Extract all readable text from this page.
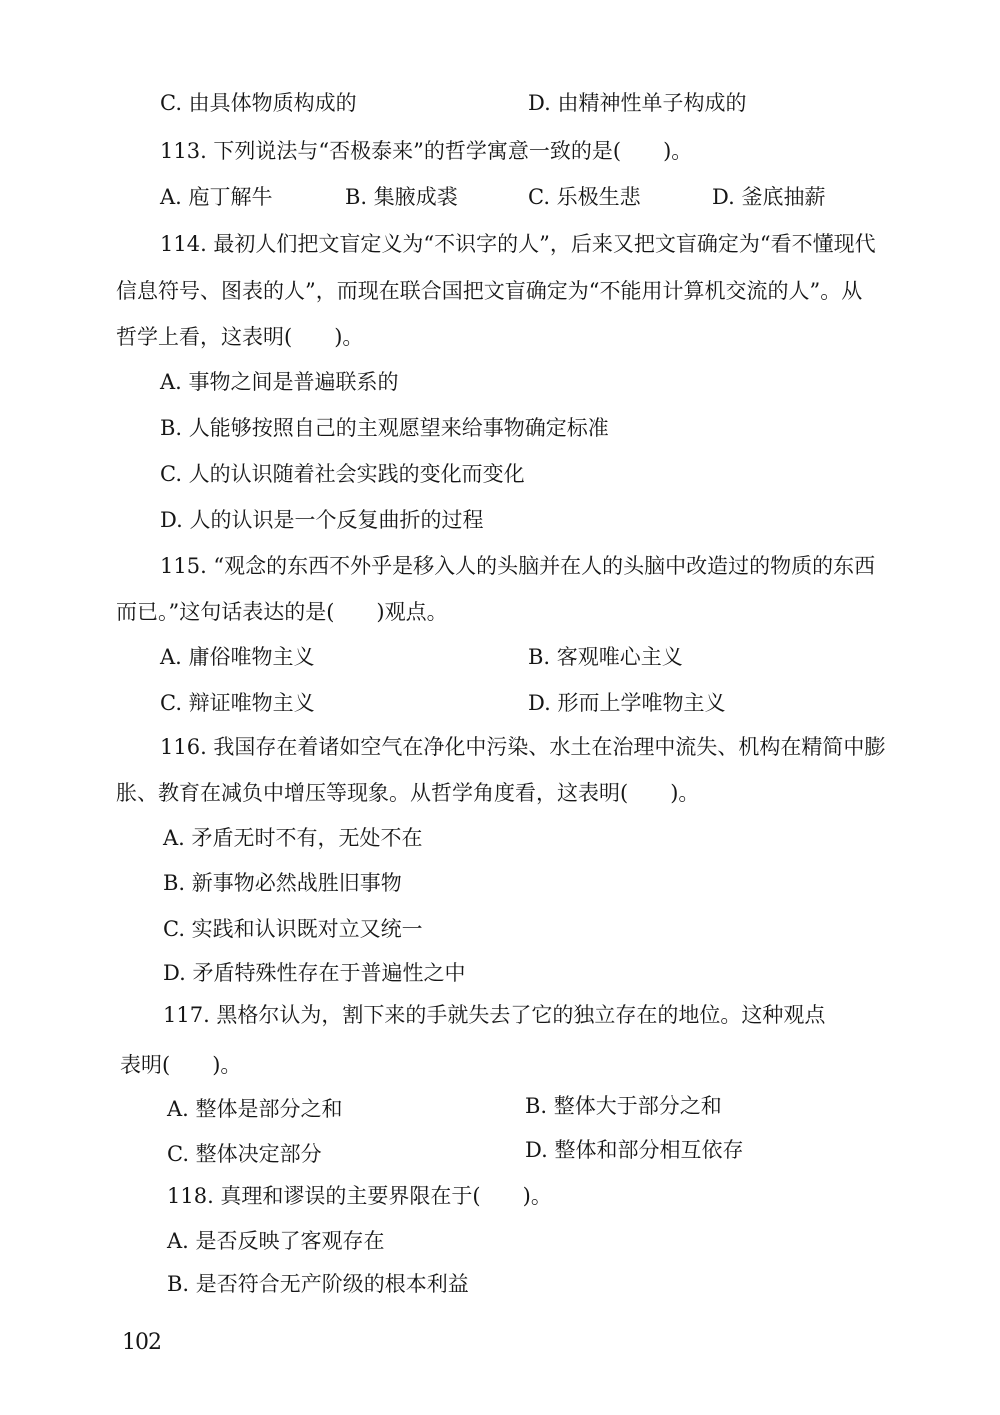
C. 由具体物质构成的	D. 由精神性单子构成的
113. 下列说法与“否极泰来”的哲学寓意一致的是(　　)。
A. 庖丁解牛	B. 集腋成裘	C. 乐极生悲	D. 釜底抽薪
114. 最初人们把文盲定义为“不识字的人”，后来又把文盲确定为“看不懂现代
信息符号、图表的人”，而现在联合国把文盲确定为“不能用计算机交流的人”。从
哲学上看，这表明(　　)。
A. 事物之间是普遍联系的
B. 人能够按照自己的主观愿望来给事物确定标准
C. 人的认识随着社会实践的变化而变化
D. 人的认识是一个反复曲折的过程
115. “观念的东西不外乎是移入人的头脑并在人的头脑中改造过的物质的东西
而已。”这句话表达的是(　　)观点。
A. 庸俗唯物主义	B. 客观唯心主义
C. 辩证唯物主义	D. 形而上学唯物主义
116. 我国存在着诸如空气在净化中污染、水土在治理中流失、机构在精简中膨
胀、教育在减负中增压等现象。从哲学角度看，这表明(　　)。
A. 矛盾无时不有，无处不在
B. 新事物必然战胜旧事物
C. 实践和认识既对立又统一
D. 矛盾特殊性存在于普遍性之中
117. 黑格尔认为，割下来的手就失去了它的独立存在的地位。这种观点
表明(　　)。
A. 整体是部分之和	B. 整体大于部分之和
C. 整体决定部分	D. 整体和部分相互依存
118. 真理和谬误的主要界限在于(　　)。
A. 是否反映了客观存在
B. 是否符合无产阶级的根本利益
102
